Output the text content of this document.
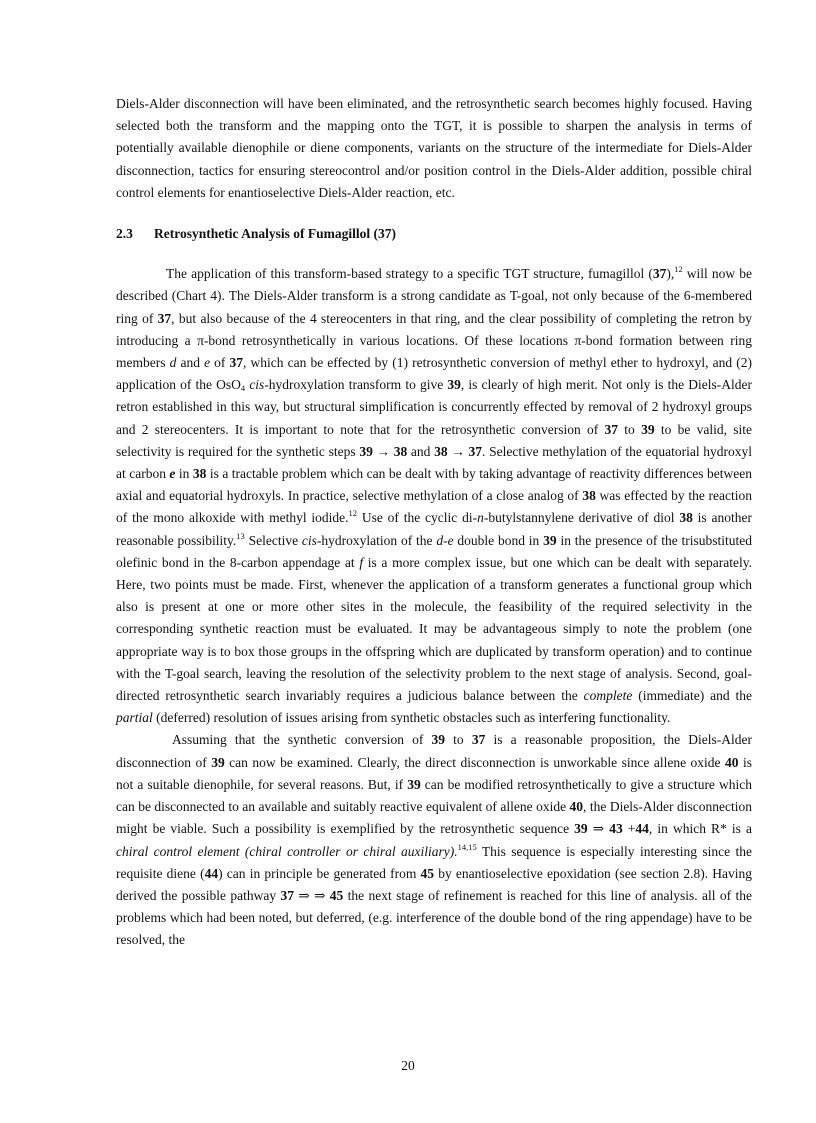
Diels-Alder disconnection will have been eliminated, and the retrosynthetic search becomes highly focused. Having selected both the transform and the mapping onto the TGT, it is possible to sharpen the analysis in terms of potentially available dienophile or diene components, variants on the structure of the intermediate for Diels-Alder disconnection, tactics for ensuring stereocontrol and/or position control in the Diels-Alder addition, possible chiral control elements for enantioselective Diels-Alder reaction, etc.

2.3 Retrosynthetic Analysis of Fumagillol (37)

The application of this transform-based strategy to a specific TGT structure, fumagillol (37),$^{12}$ will now be described (Chart 4). The Diels-Alder transform is a strong candidate as T-goal, not only because of the 6-membered ring of 37, but also because of the 4 stereocenters in that ring, and the clear possibility of completing the retron by introducing a π-bond retrosynthetically in various locations. Of these locations π-bond formation between ring members d and e of 37, which can be effected by (1) retrosynthetic conversion of methyl ether to hydroxyl, and (2) application of the OsO$_4$ cis-hydroxylation transform to give 39, is clearly of high merit. Not only is the Diels-Alder retron established in this way, but structural simplification is concurrently effected by removal of 2 hydroxyl groups and 2 stereocenters. It is important to note that for the retrosynthetic conversion of 37 to 39 to be valid, site selectivity is required for the synthetic steps 39 → 38 and 38 → 37. Selective methylation of the equatorial hydroxyl at carbon e in 38 is a tractable problem which can be dealt with by taking advantage of reactivity differences between axial and equatorial hydroxyls. In practice, selective methylation of a close analog of 38 was effected by the reaction of the mono alkoxide with methyl iodide.$^{12}$ Use of the cyclic di-n-butylstannylene derivative of diol 38 is another reasonable possibility.$^{13}$ Selective cis-hydroxylation of the d-e double bond in 39 in the presence of the trisubstituted olefinic bond in the 8-carbon appendage at f is a more complex issue, but one which can be dealt with separately. Here, two points must be made. First, whenever the application of a transform generates a functional group which also is present at one or more other sites in the molecule, the feasibility of the required selectivity in the corresponding synthetic reaction must be evaluated. It may be advantageous simply to note the problem (one appropriate way is to box those groups in the offspring which are duplicated by transform operation) and to continue with the T-goal search, leaving the resolution of the selectivity problem to the next stage of analysis. Second, goal-directed retrosynthetic search invariably requires a judicious balance between the complete (immediate) and the partial (deferred) resolution of issues arising from synthetic obstacles such as interfering functionality.

Assuming that the synthetic conversion of 39 to 37 is a reasonable proposition, the Diels-Alder disconnection of 39 can now be examined. Clearly, the direct disconnection is unworkable since allene oxide 40 is not a suitable dienophile, for several reasons. But, if 39 can be modified retrosynthetically to give a structure which can be disconnected to an available and suitably reactive equivalent of allene oxide 40, the Diels-Alder disconnection might be viable. Such a possibility is exemplified by the retrosynthetic sequence 39 ⇒ 43 +44, in which R* is a chiral control element (chiral controller or chiral auxiliary).$^{14,15}$ This sequence is especially interesting since the requisite diene (44) can in principle be generated from 45 by enantioselective epoxidation (see section 2.8). Having derived the possible pathway 37 ⇒ ⇒ 45 the next stage of refinement is reached for this line of analysis. all of the problems which had been noted, but deferred, (e.g. interference of the double bond of the ring appendage) have to be resolved, the

20
